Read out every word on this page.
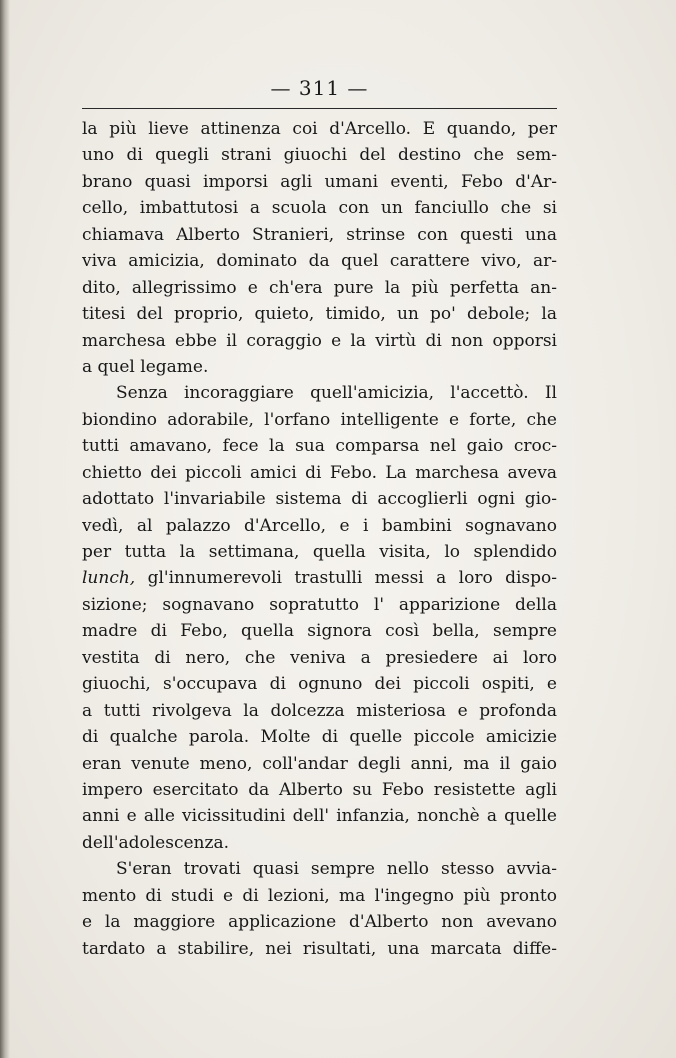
— 311 —
la più lieve attinenza coi d'Arcello. E quando, per
uno di quegli strani giuochi del destino che sem-
brano quasi imporsi agli umani eventi, Febo d'Ar-
cello, imbattutosi a scuola con un fanciullo che si
chiamava Alberto Stranieri, strinse con questi una
viva amicizia, dominato da quel carattere vivo, ar-
dito, allegrissimo e ch'era pure la più perfetta an-
titesi del proprio, quieto, timido, un po' debole; la
marchesa ebbe il coraggio e la virtù di non opporsi
a quel legame.
Senza incoraggiare quell'amicizia, l'accettò. Il
biondino adorabile, l'orfano intelligente e forte, che
tutti amavano, fece la sua comparsa nel gaio croc-
chietto dei piccoli amici di Febo. La marchesa aveva
adottato l'invariabile sistema di accoglierli ogni gio-
vedì, al palazzo d'Arcello, e i bambini sognavano
per tutta la settimana, quella visita, lo splendido
lunch, gl'innumerevoli trastulli messi a loro dispo-
sizione; sognavano sopratutto l' apparizione della
madre di Febo, quella signora così bella, sempre
vestita di nero, che veniva a presiedere ai loro
giuochi, s'occupava di ognuno dei piccoli ospiti, e
a tutti rivolgeva la dolcezza misteriosa e profonda
di qualche parola. Molte di quelle piccole amicizie
eran venute meno, coll'andar degli anni, ma il gaio
impero esercitato da Alberto su Febo resistette agli
anni e alle vicissitudini dell' infanzia, nonchè a quelle
dell'adolescenza.
S'eran trovati quasi sempre nello stesso avvia-
mento di studi e di lezioni, ma l'ingegno più pronto
e la maggiore applicazione d'Alberto non avevano
tardato a stabilire, nei risultati, una marcata diffe-
